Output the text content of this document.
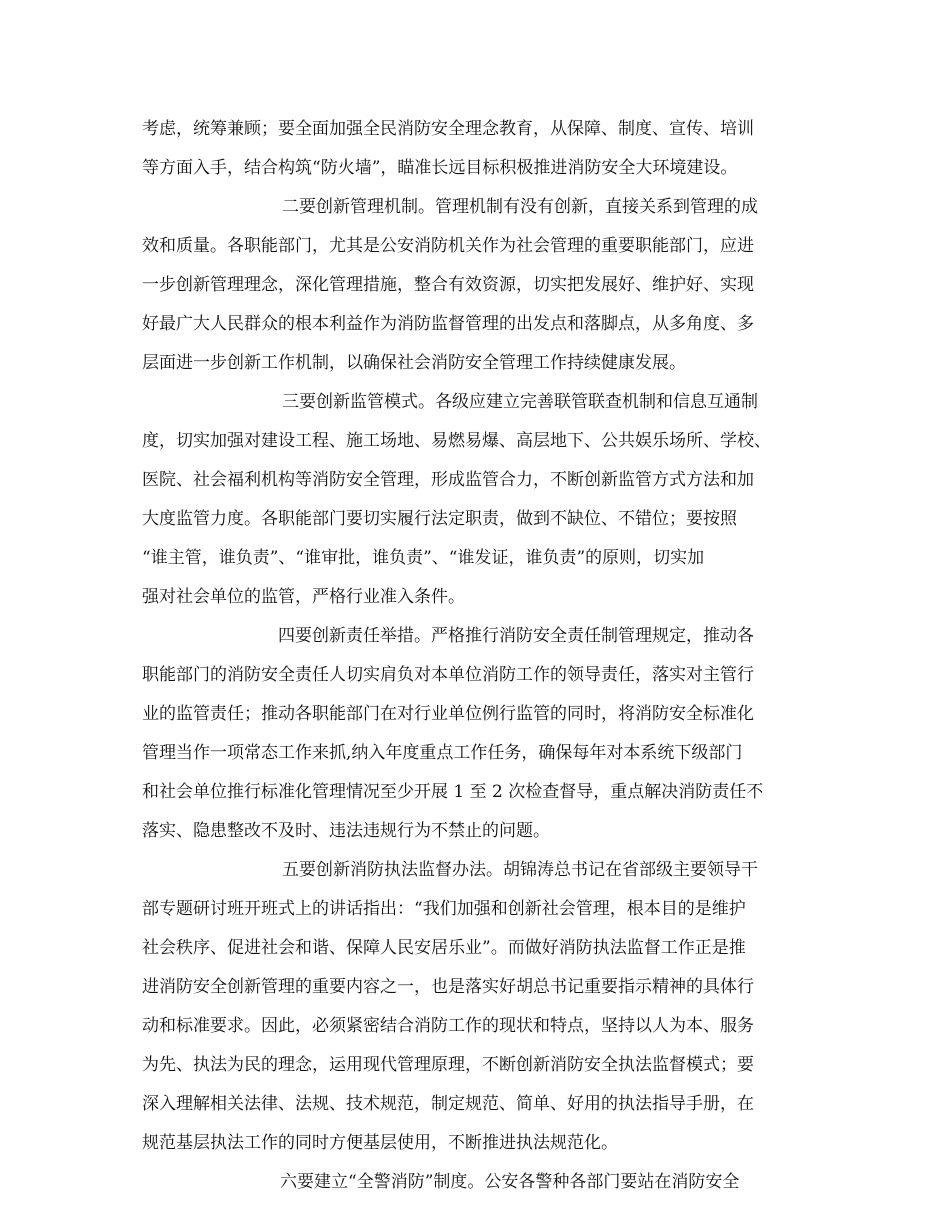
考虑，统筹兼顾；要全面加强全民消防安全理念教育，从保障、制度、宣传、培训
等方面入手，结合构筑“防火墙”，瞄准长远目标积极推进消防安全大环境建设。
二要创新管理机制。管理机制有没有创新，直接关系到管理的成
效和质量。各职能部门，尤其是公安消防机关作为社会管理的重要职能部门，应进
一步创新管理理念，深化管理措施，整合有效资源，切实把发展好、维护好、实现
好最广大人民群众的根本利益作为消防监督管理的出发点和落脚点，从多角度、多
层面进一步创新工作机制，以确保社会消防安全管理工作持续健康发展。
三要创新监管模式。各级应建立完善联管联查机制和信息互通制
度，切实加强对建设工程、施工场地、易燃易爆、高层地下、公共娱乐场所、学校、
医院、社会福利机构等消防安全管理，形成监管合力，不断创新监管方式方法和加
大度监管力度。各职能部门要切实履行法定职责，做到不缺位、不错位；要按照
“谁主管，谁负责”、“谁审批，谁负责”、“谁发证，谁负责”的原则，切实加
强对社会单位的监管，严格行业准入条件。
四要创新责任举措。严格推行消防安全责任制管理规定，推动各
职能部门的消防安全责任人切实肩负对本单位消防工作的领导责任，落实对主管行
业的监管责任；推动各职能部门在对行业单位例行监管的同时，将消防安全标准化
管理当作一项常态工作来抓,纳入年度重点工作任务，确保每年对本系统下级部门
和社会单位推行标准化管理情况至少开展 1 至 2 次检查督导，重点解决消防责任不
落实、隐患整改不及时、违法违规行为不禁止的问题。
五要创新消防执法监督办法。胡锦涛总书记在省部级主要领导干
部专题研讨班开班式上的讲话指出：“我们加强和创新社会管理，根本目的是维护
社会秩序、促进社会和谐、保障人民安居乐业”。而做好消防执法监督工作正是推
进消防安全创新管理的重要内容之一，也是落实好胡总书记重要指示精神的具体行
动和标准要求。因此，必须紧密结合消防工作的现状和特点，坚持以人为本、服务
为先、执法为民的理念，运用现代管理原理，不断创新消防安全执法监督模式；要
深入理解相关法律、法规、技术规范，制定规范、简单、好用的执法指导手册，在
规范基层执法工作的同时方便基层使用，不断推进执法规范化。
六要建立“全警消防”制度。公安各警种各部门要站在消防安全
